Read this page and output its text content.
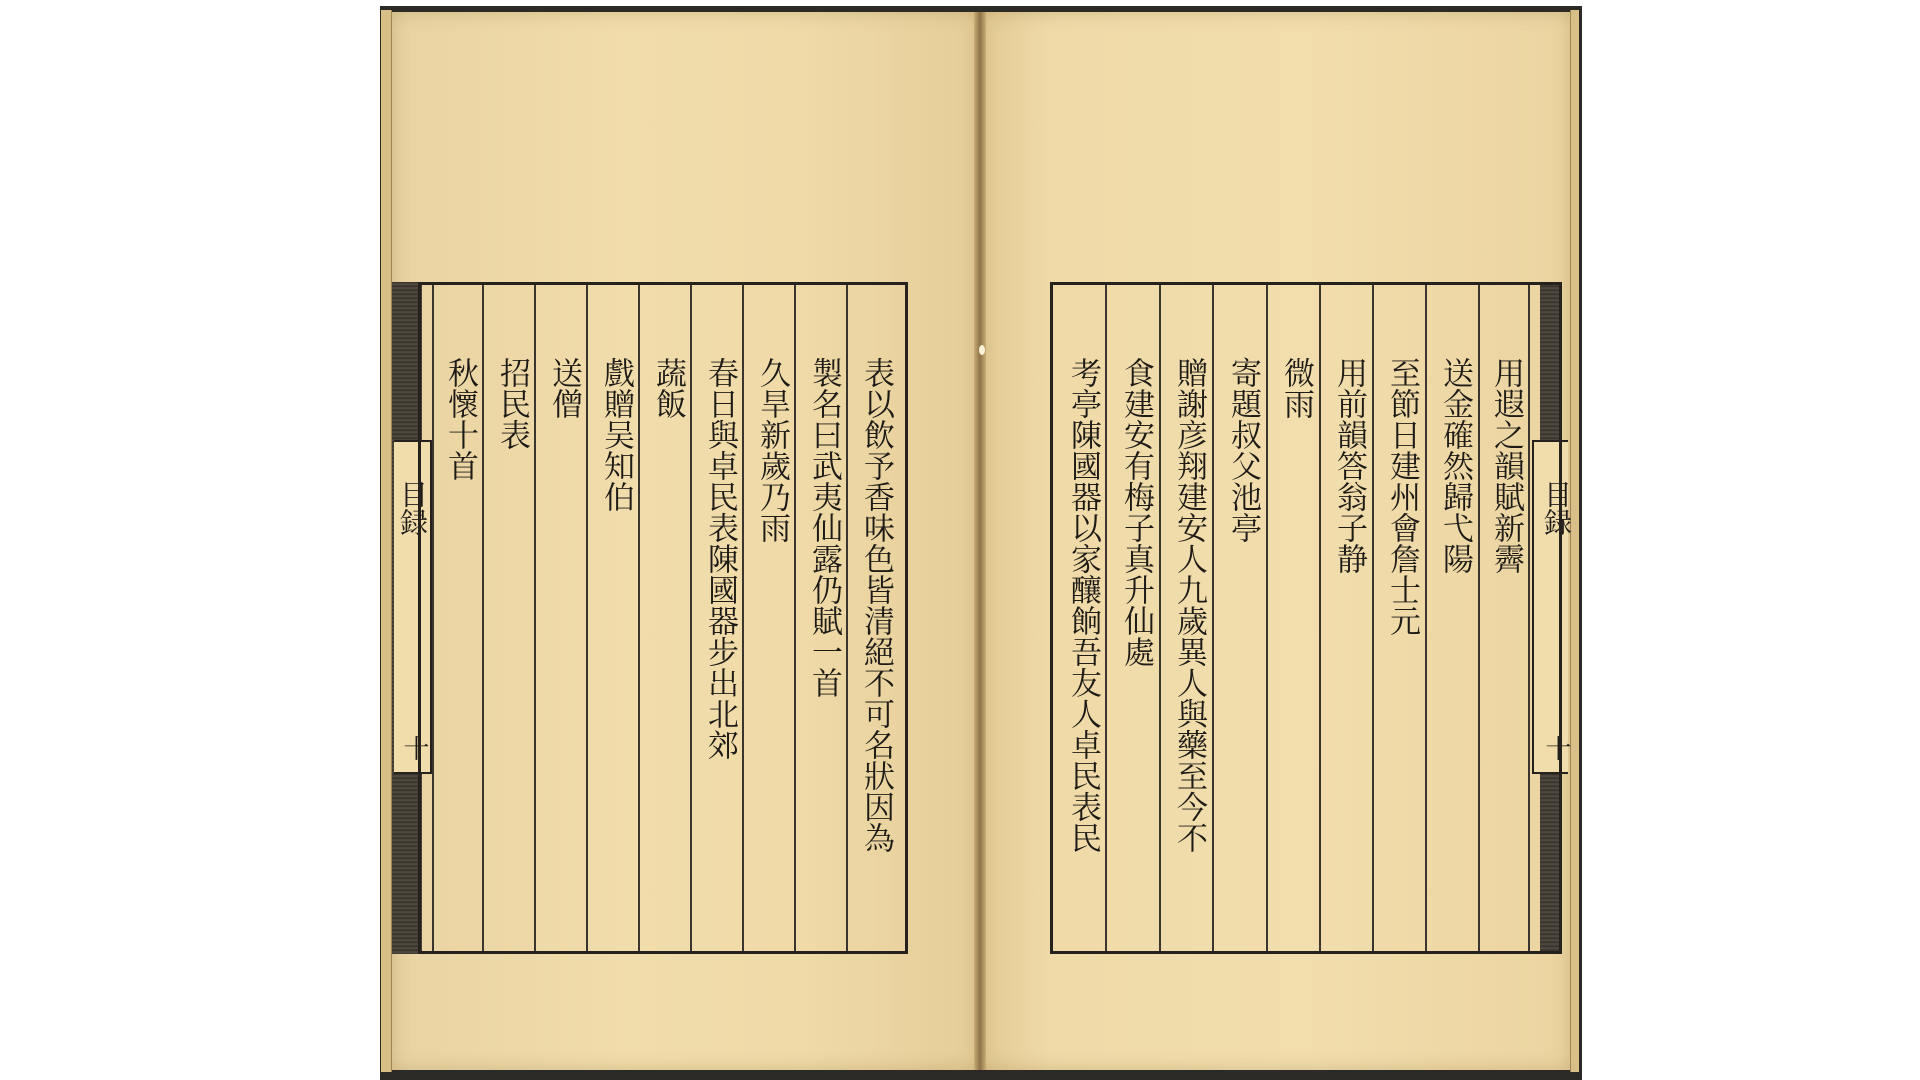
目録
十
目録
十
表以飲予香味色皆清絕不可名狀因為
製名曰武夷仙露仍賦一首
久旱新歲乃雨
春日與卓民表陳國器步出北郊
蔬飯
戲贈吴知伯
送僧
招民表
秋懷十首	用遐之韻賦新霽
送金確然歸弋陽
至節日建州會詹士元
用前韻答翁子静
微雨
寄題叔父池亭
贈謝彦翔建安人九歲異人與藥至今不
食建安有梅子真升仙處
考亭陳國器以家釀餉吾友人卓民表民
